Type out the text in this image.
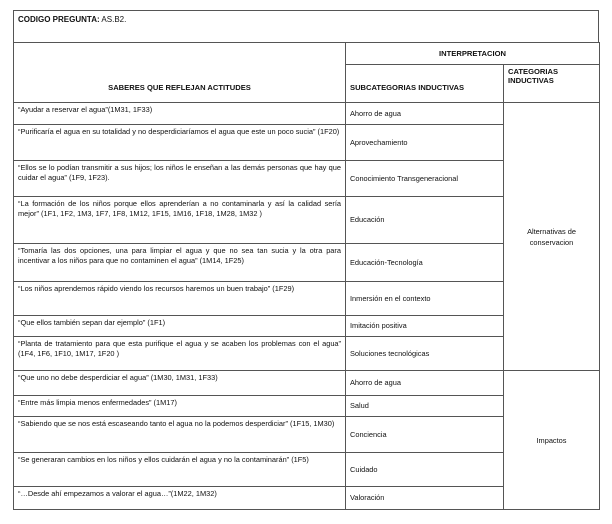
CODIGO PREGUNTA: AS.B2.
SABERES QUE REFLEJAN ACTITUDES	INTERPRETACION	
	SUBCATEGORIAS INDUCTIVAS	CATEGORIAS INDUCTIVAS
“Ayudar a reservar el agua”(1M31, 1F33)	Ahorro de agua	Alternativas de conservacion
“Purificaría el agua en su totalidad y no desperdiciaríamos el agua que este un poco sucia” (1F20)	Aprovechamiento	
“Ellos se lo podían transmitir a sus hijos; los niños le enseñan a las demás personas que hay que cuidar el agua” (1F9, 1F23).	Conocimiento Transgeneracional	
“La formación de los niños porque ellos aprenderían a no contaminarla y así la calidad sería mejor” (1F1, 1F2, 1M3, 1F7, 1F8, 1M12, 1F15, 1M16, 1F18, 1M28, 1M32 )	Educación	
“Tomaría las dos opciones, una para limpiar el agua y que no sea tan sucia y la otra para incentivar a los niños para que no contaminen el agua” (1M14, 1F25)	Educación-Tecnología	
“Los niños aprendemos rápido viendo los recursos haremos un buen trabajo” (1F29)	Inmersión en el contexto	
“Que ellos también sepan dar ejemplo” (1F1)	Imitación positiva	
“Planta de tratamiento para que esta purifique el agua y se acaben los problemas con el agua” (1F4, 1F6, 1F10, 1M17, 1F20 )	Soluciones tecnológicas	
“Que uno no debe desperdiciar el agua” (1M30, 1M31, 1F33)	Ahorro de agua	Impactos
“Entre más limpia menos enfermedades” (1M17)	Salud	
“Sabiendo que se nos está escaseando tanto el agua no la podemos desperdiciar” (1F15, 1M30)	Conciencia	
“Se generaran cambios en los niños y ellos cuidarán el agua y no la contaminarán” (1F5)	Cuidado	
“…Desde ahí empezamos a valorar el agua…”(1M22, 1M32)	Valoración	
